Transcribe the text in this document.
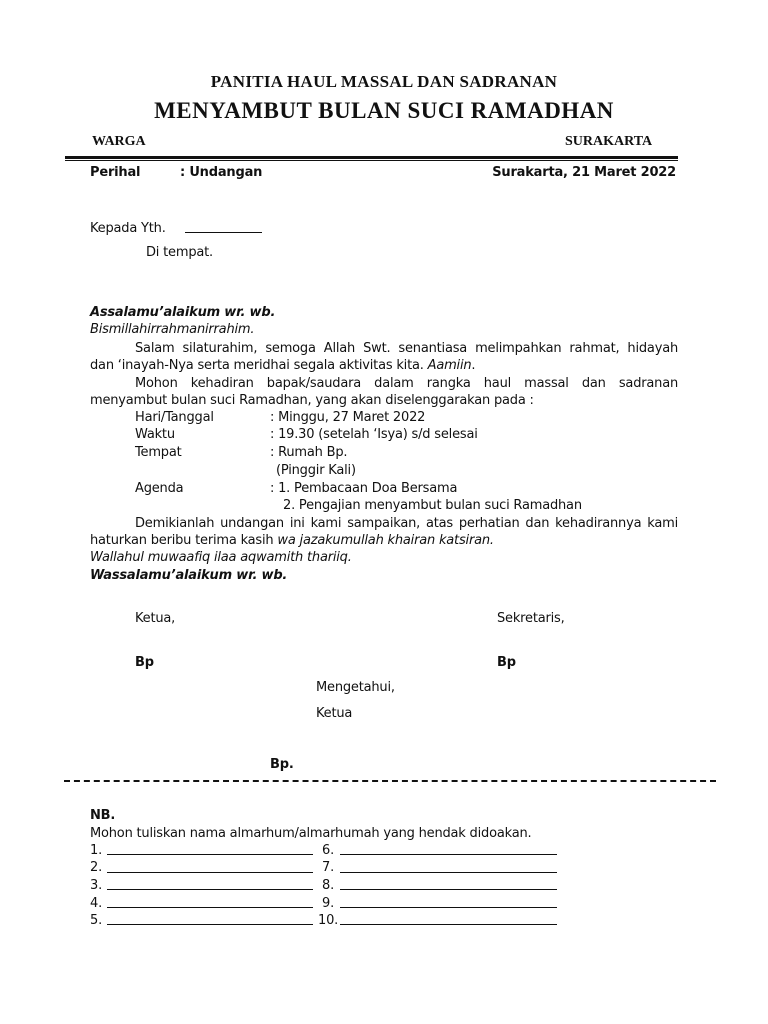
PANITIA HAUL MASSAL DAN SADRANAN
MENYAMBUT BULAN SUCI RAMADHAN
WARGA	SURAKARTA
Perihal	: Undangan	Surakarta, 21 Maret 2022
Kepada Yth.
Di tempat.
Assalamu’alaikum wr. wb.
Bismillahirrahmanirrahim.
Salam silaturahim, semoga Allah Swt. senantiasa melimpahkan rahmat, hidayah
dan ‘inayah-Nya serta meridhai segala aktivitas kita. Aamiin.
Mohon kehadiran bapak/saudara dalam rangka haul massal dan sadranan
menyambut bulan suci Ramadhan, yang akan diselenggarakan pada :
Hari/Tanggal	: Minggu, 27 Maret 2022
Waktu	: 19.30 (setelah ‘Isya) s/d selesai
Tempat	: Rumah Bp.
(Pinggir Kali)
Agenda	: 1. Pembacaan Doa Bersama
2. Pengajian menyambut bulan suci Ramadhan
Demikianlah undangan ini kami sampaikan, atas perhatian dan kehadirannya kami
haturkan beribu terima kasih wa jazakumullah khairan katsiran.
Wallahul muwaafiq ilaa aqwamith thariiq.
Wassalamu’alaikum wr. wb.
Ketua,	Sekretaris,
Bp	Bp
Mengetahui,
Ketua
Bp.
NB.
Mohon tuliskan nama almarhum/almarhumah yang hendak didoakan.
1.	6.
2.	7.
3.	8.
4.	9.
5.	10.
